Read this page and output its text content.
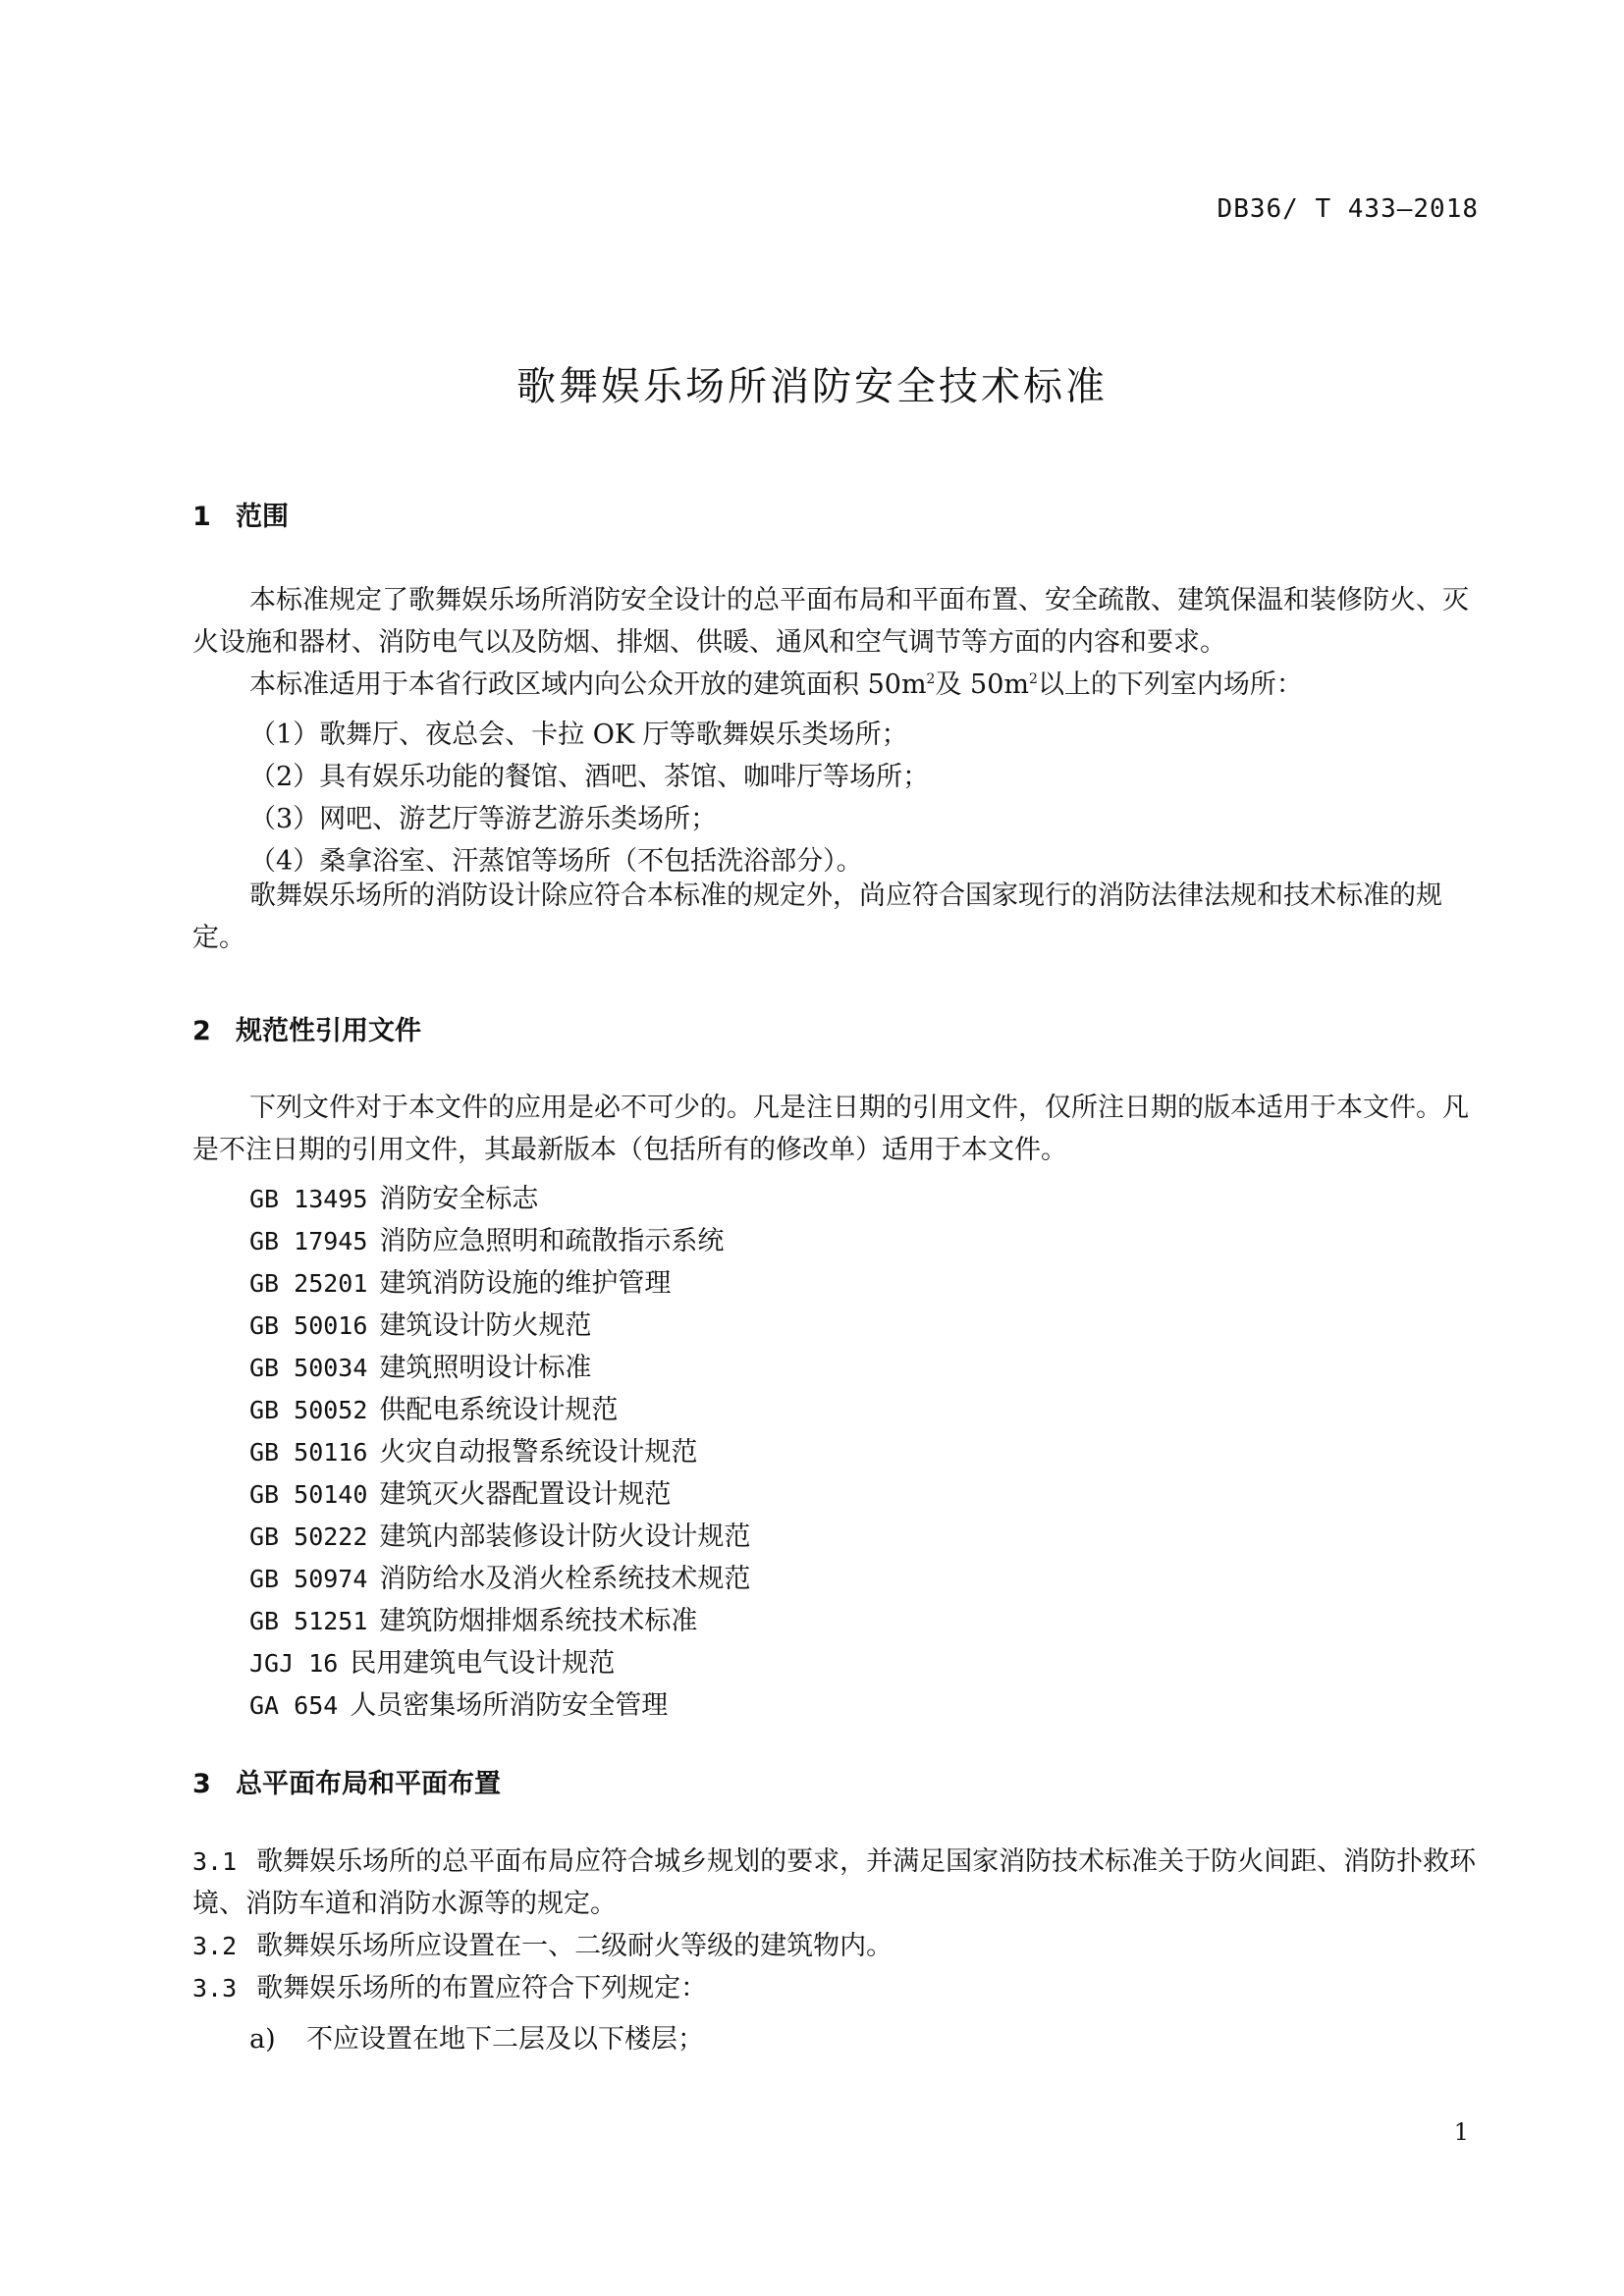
DB36/ T 433—2018
歌舞娱乐场所消防安全技术标准
1 范围
本标准规定了歌舞娱乐场所消防安全设计的总平面布局和平面布置、安全疏散、建筑保温和装修防火、灭火设施和器材、消防电气以及防烟、排烟、供暖、通风和空气调节等方面的内容和要求。
本标准适用于本省行政区域内向公众开放的建筑面积 $50m^2$及 $50m^2$以上的下列室内场所：
（1）歌舞厅、夜总会、卡拉 OK 厅等歌舞娱乐类场所；
（2）具有娱乐功能的餐馆、酒吧、茶馆、咖啡厅等场所；
（3）网吧、游艺厅等游艺游乐类场所；
（4）桑拿浴室、汗蒸馆等场所（不包括洗浴部分）。
歌舞娱乐场所的消防设计除应符合本标准的规定外，尚应符合国家现行的消防法律法规和技术标准的规定。
2 规范性引用文件
下列文件对于本文件的应用是必不可少的。凡是注日期的引用文件，仅所注日期的版本适用于本文件。凡是不注日期的引用文件，其最新版本（包括所有的修改单）适用于本文件。
GB 13495 消防安全标志
GB 17945 消防应急照明和疏散指示系统
GB 25201 建筑消防设施的维护管理
GB 50016 建筑设计防火规范
GB 50034 建筑照明设计标准
GB 50052 供配电系统设计规范
GB 50116 火灾自动报警系统设计规范
GB 50140 建筑灭火器配置设计规范
GB 50222 建筑内部装修设计防火设计规范
GB 50974 消防给水及消火栓系统技术规范
GB 51251 建筑防烟排烟系统技术标准
JGJ 16 民用建筑电气设计规范
GA 654 人员密集场所消防安全管理
3 总平面布局和平面布置
3.1 歌舞娱乐场所的总平面布局应符合城乡规划的要求，并满足国家消防技术标准关于防火间距、消防扑救环境、消防车道和消防水源等的规定。
3.2 歌舞娱乐场所应设置在一、二级耐火等级的建筑物内。
3.3 歌舞娱乐场所的布置应符合下列规定：
a) 不应设置在地下二层及以下楼层；
1
